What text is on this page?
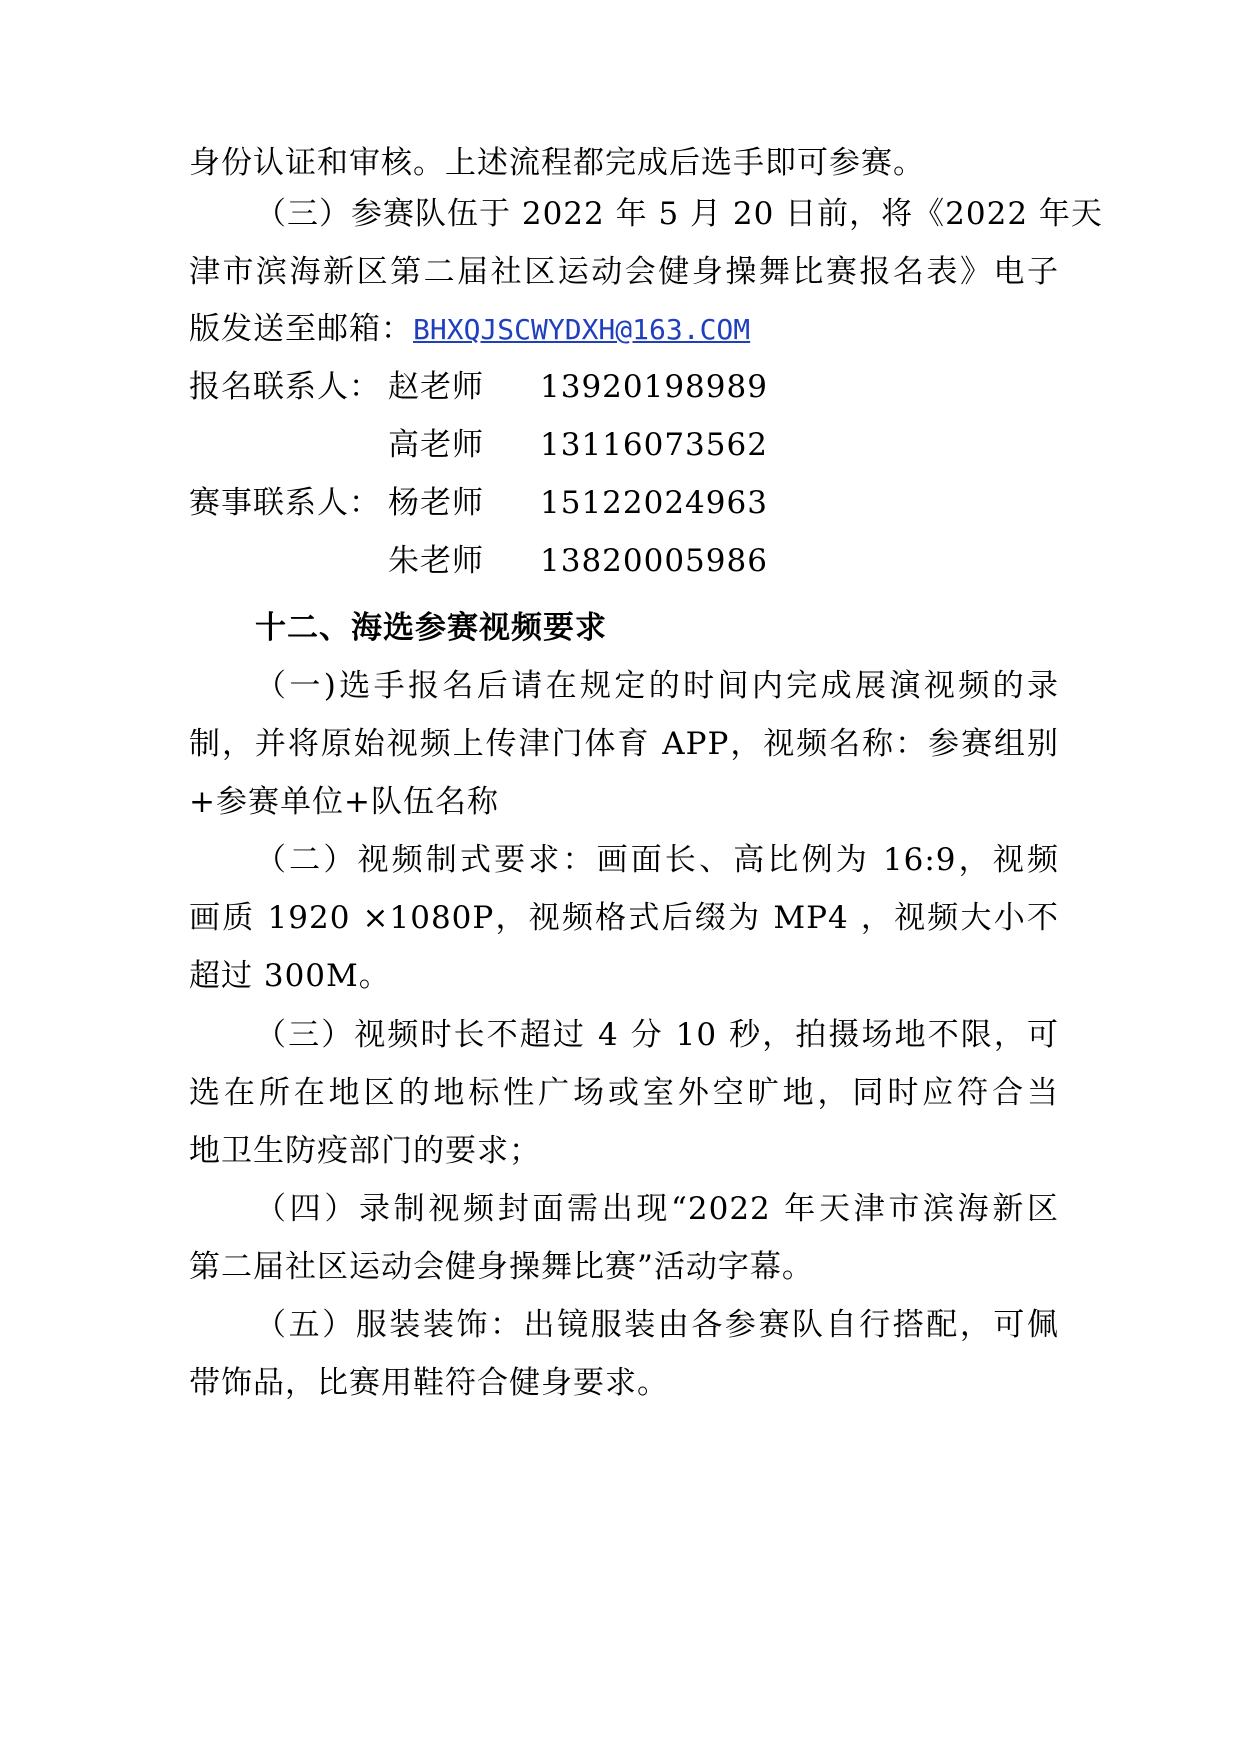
身份认证和审核。上述流程都完成后选手即可参赛。
（三）参赛队伍于 2022 年 5 月 20 日前，将《2022 年天
津市滨海新区第二届社区运动会健身操舞比赛报名表》电子
版发送至邮箱：BHXQJSCWYDXH@163.COM
报名联系人： 赵老师 13920198989
高老师 13116073562
赛事联系人： 杨老师 15122024963
朱老师 13820005986
十二、海选参赛视频要求
（一)选手报名后请在规定的时间内完成展演视频的录
制，并将原始视频上传津门体育 APP，视频名称：参赛组别
+参赛单位+队伍名称
（二）视频制式要求：画面长、高比例为 16:9，视频
画质 1920 ×1080P，视频格式后缀为 MP4 ，视频大小不
超过 300M。
（三）视频时长不超过 4 分 10 秒，拍摄场地不限，可
选在所在地区的地标性广场或室外空旷地，同时应符合当
地卫生防疫部门的要求；
（四）录制视频封面需出现“2022 年天津市滨海新区
第二届社区运动会健身操舞比赛”活动字幕。
（五）服装装饰：出镜服装由各参赛队自行搭配，可佩
带饰品，比赛用鞋符合健身要求。
